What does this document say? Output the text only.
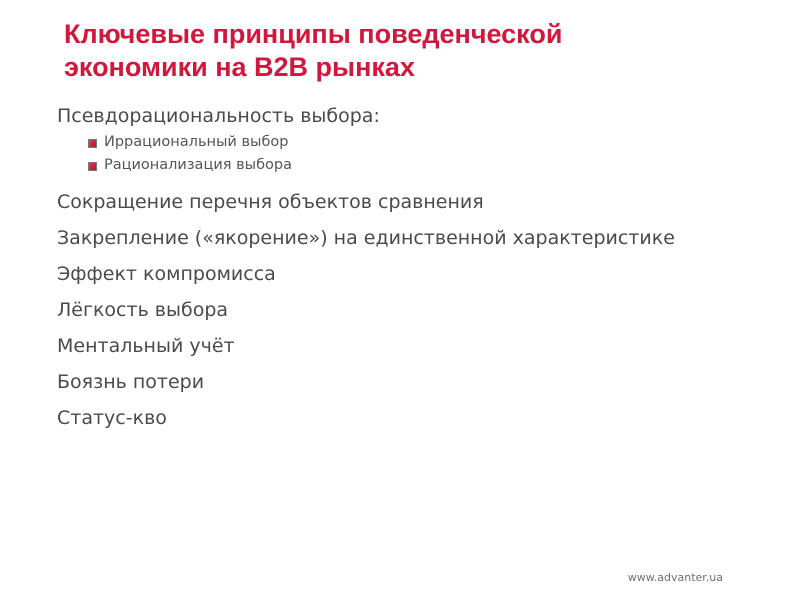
Ключевые принципы поведенческой
экономики на B2B рынках
Псевдорациональность выбора:
Иррациональный выбор
Рационализация выбора
Сокращение перечня объектов сравнения
Закрепление («якорение») на единственной характеристике
Эффект компромисса
Лёгкость выбора
Ментальный учёт
Боязнь потери
Статус-кво
www.advanter.ua
